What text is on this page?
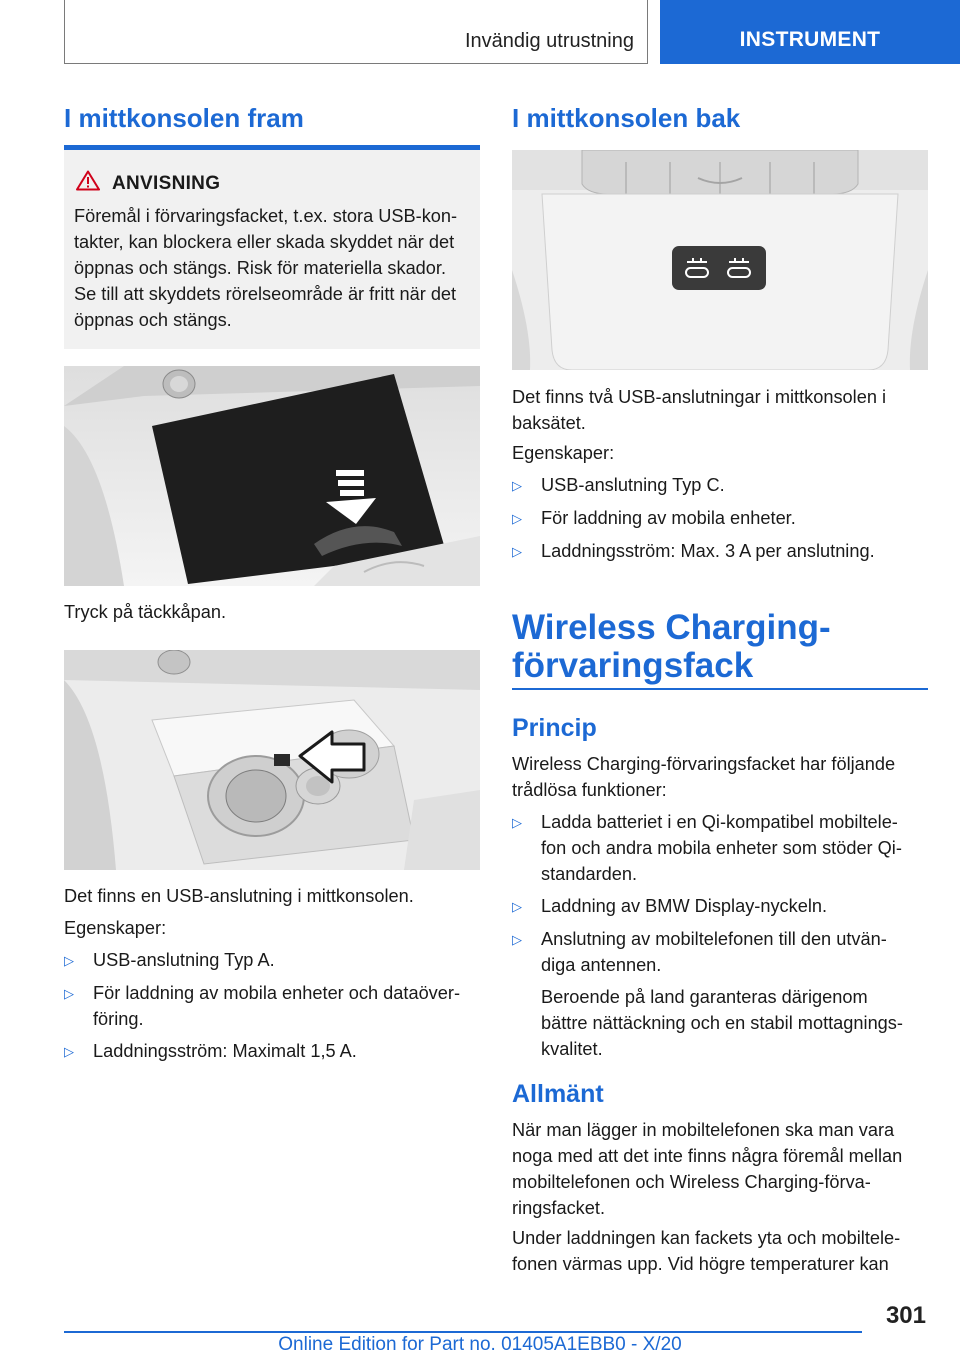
Invändig utrustning	INSTRUMENT
I mittkonsolen fram
ANVISNING
Föremål i förvaringsfacket, t.ex. stora USB-kon-
takter, kan blockera eller skada skyddet när det
öppnas och stängs. Risk för materiella skador.
Se till att skyddets rörelseområde är fritt när det
öppnas och stängs.
Tryck på täckkåpan.
Det finns en USB-anslutning i mittkonsolen.
Egenskaper:
▷	USB-anslutning Typ A.
▷	För laddning av mobila enheter och dataöver-
föring.
▷	Laddningsström: Maximalt 1,5 A.
I mittkonsolen bak
Det finns två USB-anslutningar i mittkonsolen i
baksätet.
Egenskaper:
▷	USB-anslutning Typ C.
▷	För laddning av mobila enheter.
▷	Laddningsström: Max. 3 A per anslutning.
Wireless Charging-
förvaringsfack
Princip
Wireless Charging-förvaringsfacket har följande
trådlösa funktioner:
▷	Ladda batteriet i en Qi-kompatibel mobiltele-
fon och andra mobila enheter som stöder Qi-
standarden.
▷	Laddning av BMW Display-nyckeln.
▷	Anslutning av mobiltelefonen till den utvän-
diga antennen.
Beroende på land garanteras därigenom
bättre nättäckning och en stabil mottagnings-
kvalitet.
Allmänt
När man lägger in mobiltelefonen ska man vara
noga med att det inte finns några föremål mellan
mobiltelefonen och Wireless Charging-förva-
ringsfacket.
Under laddningen kan fackets yta och mobiltele-
fonen värmas upp. Vid högre temperaturer kan
301
Online Edition for Part no. 01405A1EBB0 - X/20
